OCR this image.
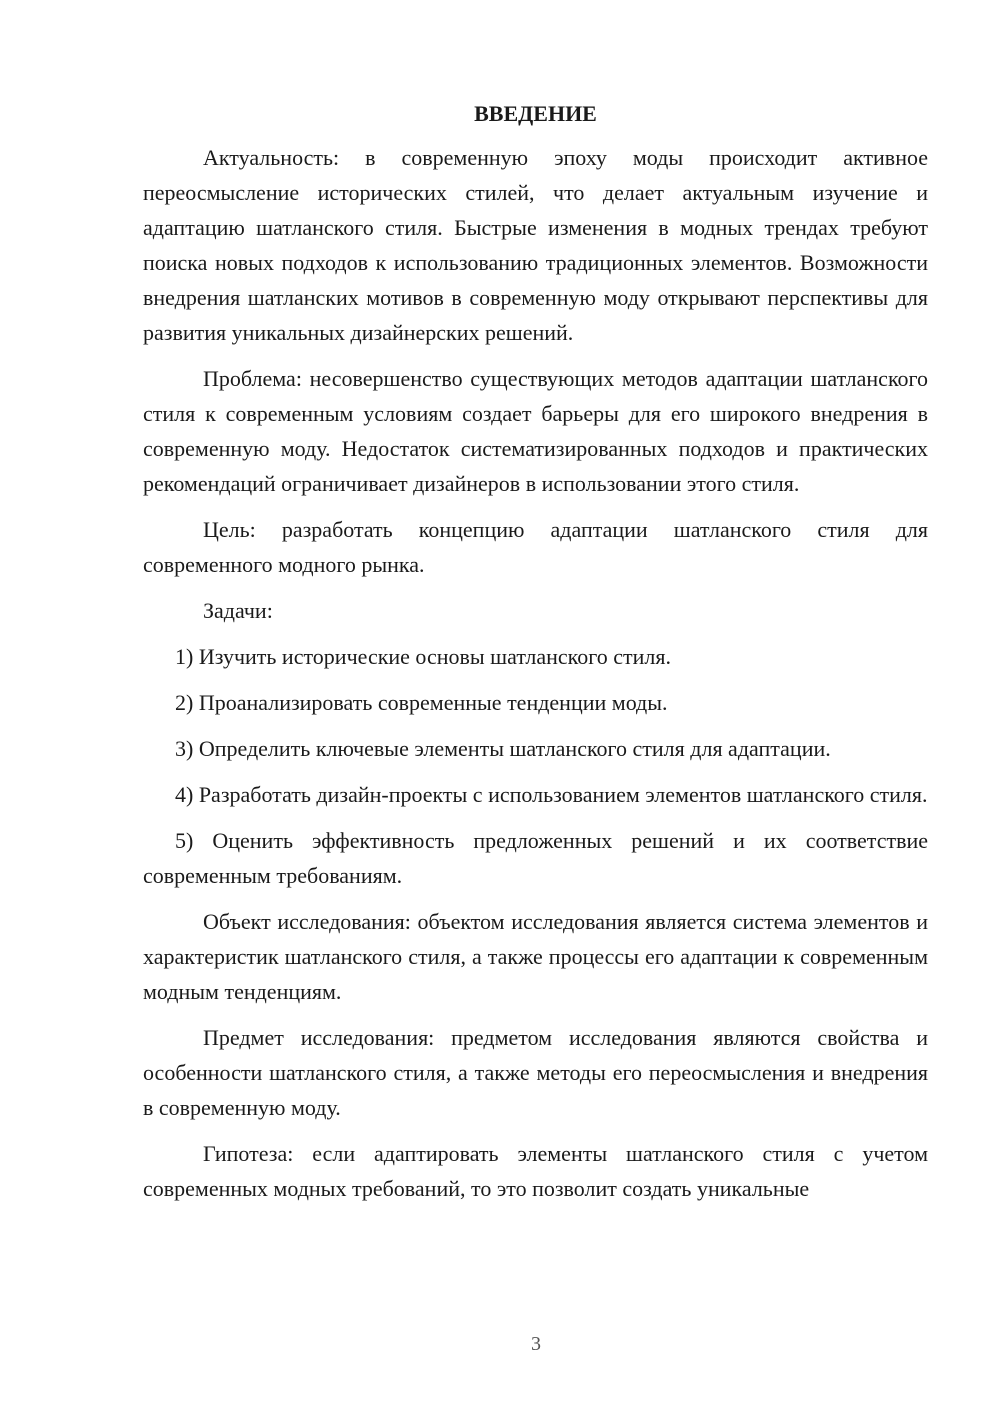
ВВЕДЕНИЕ

Актуальность: в современную эпоху моды происходит активное переосмысление исторических стилей, что делает актуальным изучение и адаптацию шатланского стиля. Быстрые изменения в модных трендах требуют поиска новых подходов к использованию традиционных элементов. Возможности внедрения шатланских мотивов в современную моду открывают перспективы для развития уникальных дизайнерских решений.

Проблема: несовершенство существующих методов адаптации шатланского стиля к современным условиям создает барьеры для его широкого внедрения в современную моду. Недостаток систематизированных подходов и практических рекомендаций ограничивает дизайнеров в использовании этого стиля.

Цель: разработать концепцию адаптации шатланского стиля для современного модного рынка.

Задачи:

1) Изучить исторические основы шатланского стиля.

2) Проанализировать современные тенденции моды.

3) Определить ключевые элементы шатланского стиля для адаптации.

4) Разработать дизайн-проекты с использованием элементов шатланского стиля.

5) Оценить эффективность предложенных решений и их соответствие современным требованиям.

Объект исследования: объектом исследования является система элементов и характеристик шатланского стиля, а также процессы его адаптации к современным модным тенденциям.

Предмет исследования: предметом исследования являются свойства и особенности шатланского стиля, а также методы его переосмысления и внедрения в современную моду.

Гипотеза: если адаптировать элементы шатланского стиля с учетом современных модных требований, то это позволит создать уникальные

3
